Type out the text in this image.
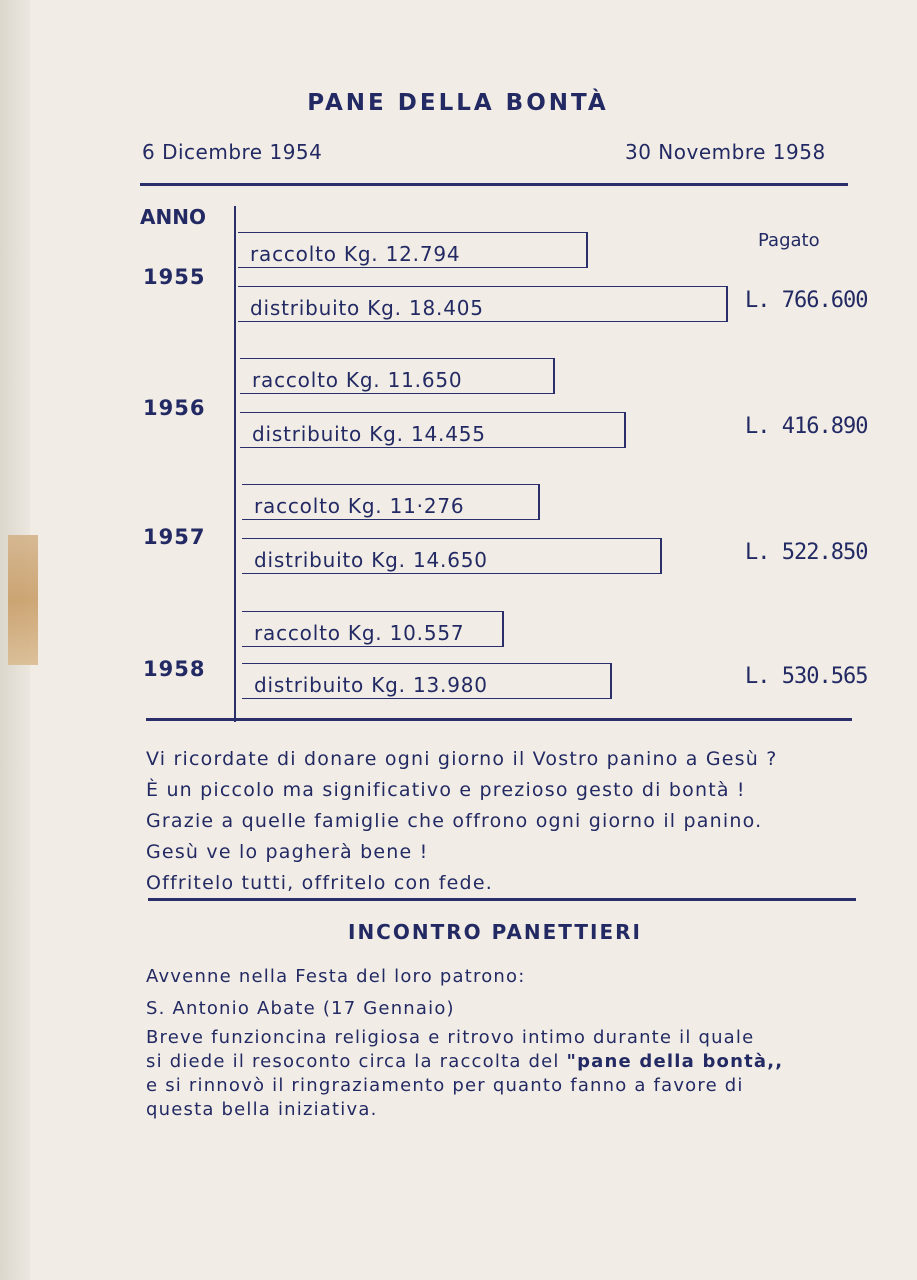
PANE DELLA BONTÀ
6 Dicembre 1954	30 Novembre 1958
ANNO
Pagato
1955
raccolto Kg. 12.794
distribuito Kg. 18.405	L. 766.600
1956
raccolto Kg. 11.650
distribuito Kg. 14.455	L. 416.890
1957
raccolto Kg. 11·276
distribuito Kg. 14.650	L. 522.850
1958
raccolto Kg. 10.557
distribuito Kg. 13.980	L. 530.565
Vi ricordate di donare ogni giorno il Vostro panino a Gesù ?
È un piccolo ma significativo e prezioso gesto di bontà !
Grazie a quelle famiglie che offrono ogni giorno il panino.
Gesù ve lo pagherà bene !
Offritelo tutti, offritelo con fede.
INCONTRO PANETTIERI
Avvenne nella Festa del loro patrono:
S. Antonio Abate (17 Gennaio)
Breve funzioncina religiosa e ritrovo intimo durante il quale
si diede il resoconto circa la raccolta del "pane della bontà,,
e si rinnovò il ringraziamento per quanto fanno a favore di
questa bella iniziativa.
